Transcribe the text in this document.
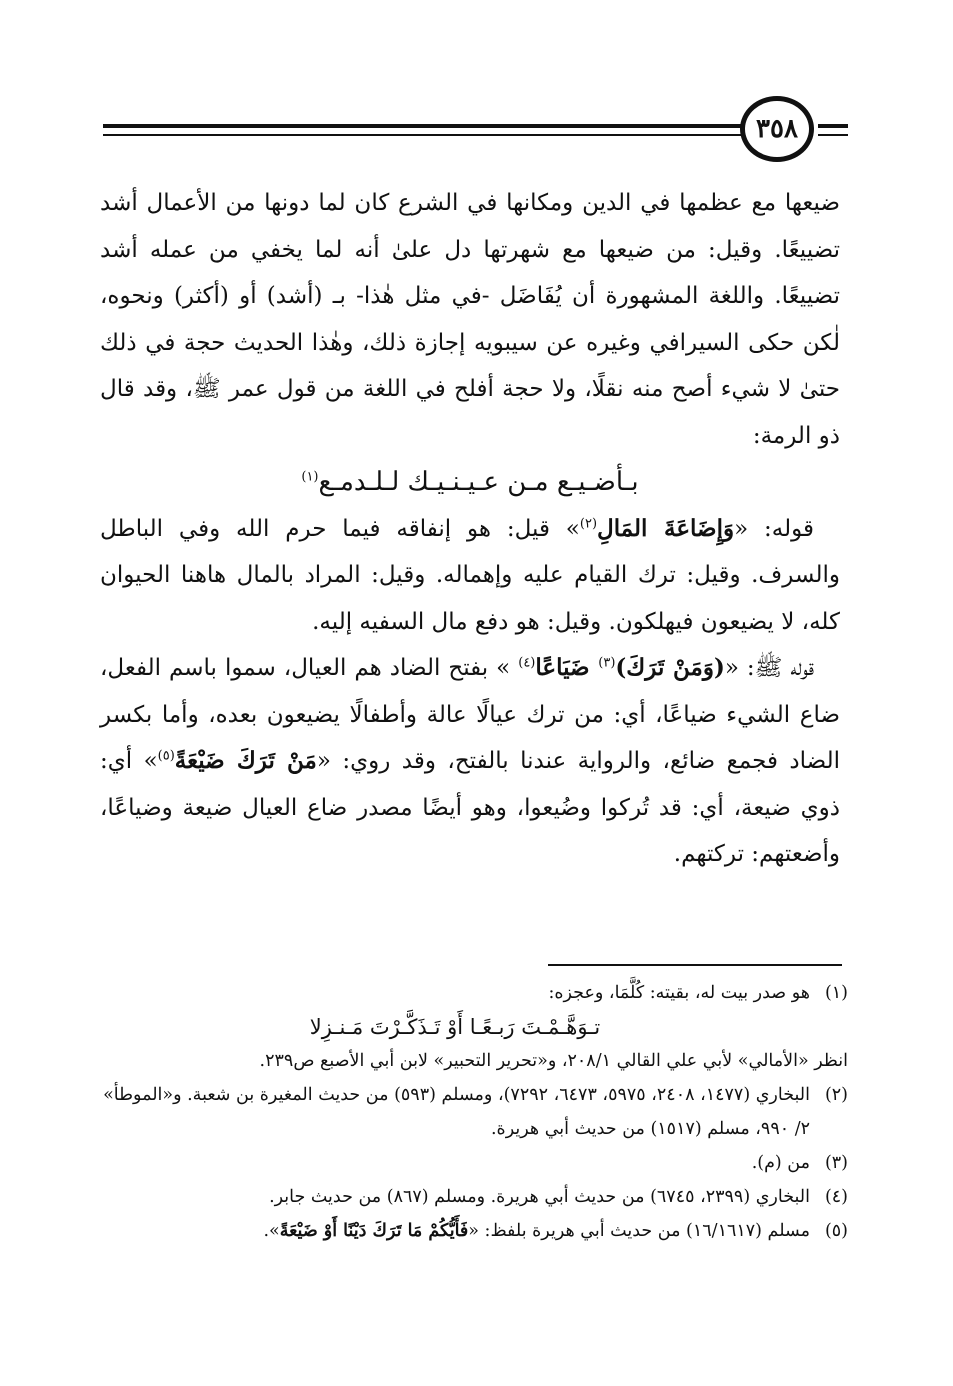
٣٥٨

ضيعها مع عظمها في الدين ومكانها في الشرع كان لما دونها من الأعمال أشد تضييعًا. وقيل: من ضيعها مع شهرتها دل علىٰ أنه لما يخفي من عمله أشد تضييعًا. واللغة المشهورة أن يُفَاضَل -في مثل هٰذا- بـ (أشد) أو (أكثر) ونحوه، لٰكن حكى السيرافي وغيره عن سيبويه إجازة ذلك، وهٰذا الحديث حجة في ذلك حتىٰ لا شيء أصح منه نقلًا، ولا حجة أفلح في اللغة من قول عمر ﷺ، وقد قال ذو الرمة:

بـأضـيـع مـن عـيـنـيـك لـلـدمـع$^{(١)}$

قوله: «وَإِضَاعَةَ المَالِ$^{(٢)}$» قيل: هو إنفاقه فيما حرم الله وفي الباطل والسرف. وقيل: ترك القيام عليه وإهماله. وقيل: المراد بالمال هاهنا الحيوان كله، لا يضيعون فيهلكون. وقيل: هو دفع مال السفيه إليه.

قوله ﷺ: «(وَمَنْ تَرَكَ)$^{(٣)}$ ضَيَاعًا$^{(٤)}$ » بفتح الضاد هم العيال، سموا باسم الفعل، ضاع الشيء ضياعًا، أي: من ترك عيالًا عالة وأطفالًا يضيعون بعده، وأما بكسر الضاد فجمع ضائع، والرواية عندنا بالفتح، وقد روي: «مَنْ تَرَكَ ضَيْعَةً$^{(٥)}$» أي: ذوي ضيعة، أي: قد تُركوا وضُيعوا، وهو أيضًا مصدر ضاع العيال ضيعة وضياعًا، وأضعتهم: تركتهم.

(١)
هو صدر بيت له، بقيته: كُلَّمَا، وعجزه:
تـوَهَّـمْـتَ رَبـعًـا أَوْ تَـذَكَّـرْتَ مَـنـزِلا
انظر «الأمالي» لأبي علي القالي ٢٠٨/١، و«تحرير التحبير» لابن أبي الأصبع ص٢٣٩.
(٢)
البخاري (١٤٧٧، ٢٤٠٨، ٥٩٧٥، ٦٤٧٣، ٧٢٩٢)، ومسلم (٥٩٣) من حديث المغيرة بن شعبة. و«الموطأ» ٢/ ٩٩٠، مسلم (١٥١٧) من حديث أبي هريرة.
(٣)
من (م).
(٤)
البخاري (٢٣٩٩، ٦٧٤٥) من حديث أبي هريرة. ومسلم (٨٦٧) من حديث جابر.
(٥)
مسلم (١٦/١٦١٧) من حديث أبي هريرة بلفظ: «فَأَيُّكُمْ مَا تَرَكَ دَيْنًا أَوْ ضَيْعَةً».
